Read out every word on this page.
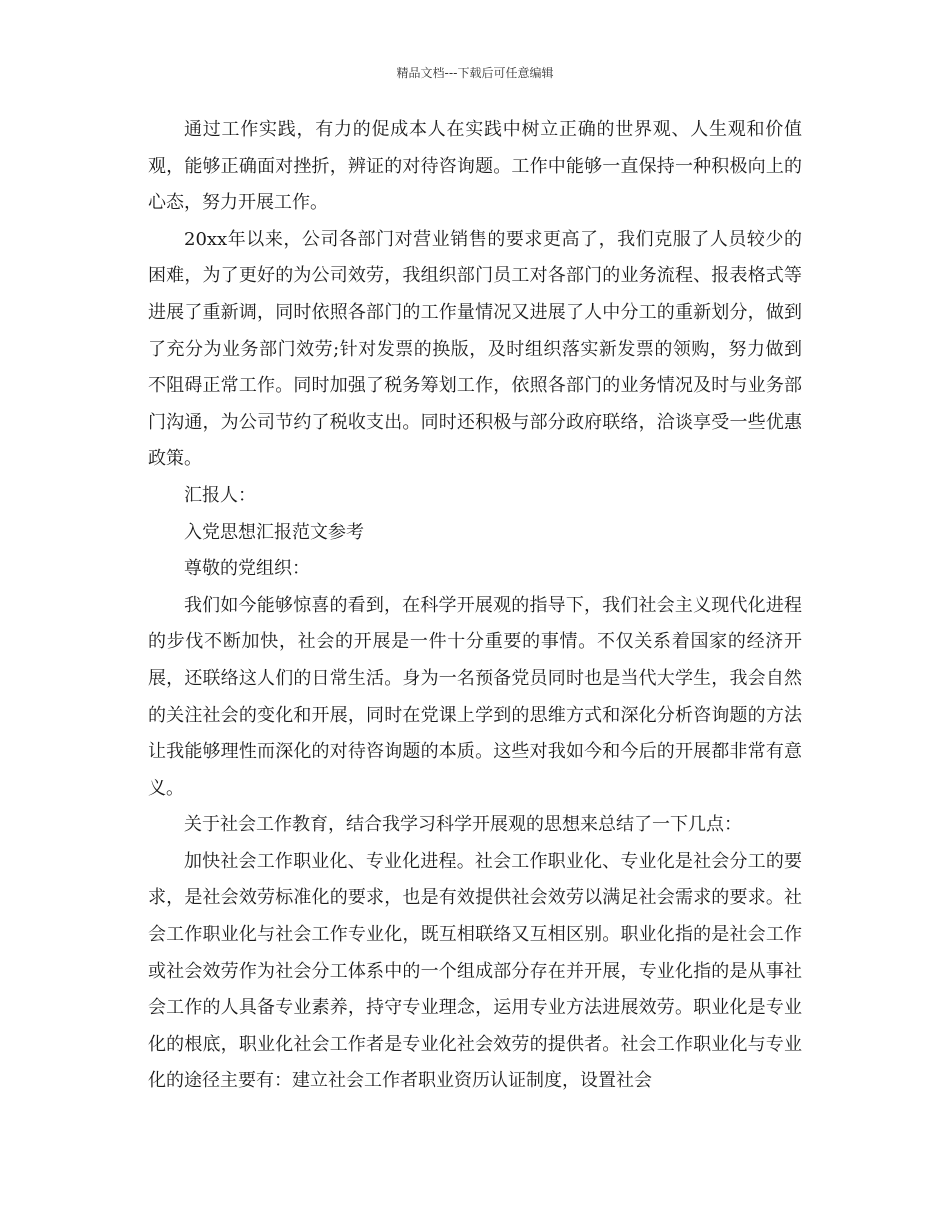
精品文档---下载后可任意编辑

通过工作实践，有力的促成本人在实践中树立正确的世界观、人生观和价值观，能够正确面对挫折，辨证的对待咨询题。工作中能够一直保持一种积极向上的心态，努力开展工作。

20xx年以来，公司各部门对营业销售的要求更高了，我们克服了人员较少的困难，为了更好的为公司效劳，我组织部门员工对各部门的业务流程、报表格式等进展了重新调，同时依照各部门的工作量情况又进展了人中分工的重新划分，做到了充分为业务部门效劳;针对发票的换版，及时组织落实新发票的领购，努力做到不阻碍正常工作。同时加强了税务筹划工作，依照各部门的业务情况及时与业务部门沟通，为公司节约了税收支出。同时还积极与部分政府联络，洽谈享受一些优惠政策。

汇报人：

入党思想汇报范文参考

尊敬的党组织：

我们如今能够惊喜的看到，在科学开展观的指导下，我们社会主义现代化进程的步伐不断加快，社会的开展是一件十分重要的事情。不仅关系着国家的经济开展，还联络这人们的日常生活。身为一名预备党员同时也是当代大学生，我会自然的关注社会的变化和开展，同时在党课上学到的思维方式和深化分析咨询题的方法让我能够理性而深化的对待咨询题的本质。这些对我如今和今后的开展都非常有意义。

关于社会工作教育，结合我学习科学开展观的思想来总结了一下几点：

加快社会工作职业化、专业化进程。社会工作职业化、专业化是社会分工的要求，是社会效劳标准化的要求，也是有效提供社会效劳以满足社会需求的要求。社会工作职业化与社会工作专业化，既互相联络又互相区别。职业化指的是社会工作或社会效劳作为社会分工体系中的一个组成部分存在并开展，专业化指的是从事社会工作的人具备专业素养，持守专业理念，运用专业方法进展效劳。职业化是专业化的根底，职业化社会工作者是专业化社会效劳的提供者。社会工作职业化与专业化的途径主要有：建立社会工作者职业资历认证制度，设置社会
